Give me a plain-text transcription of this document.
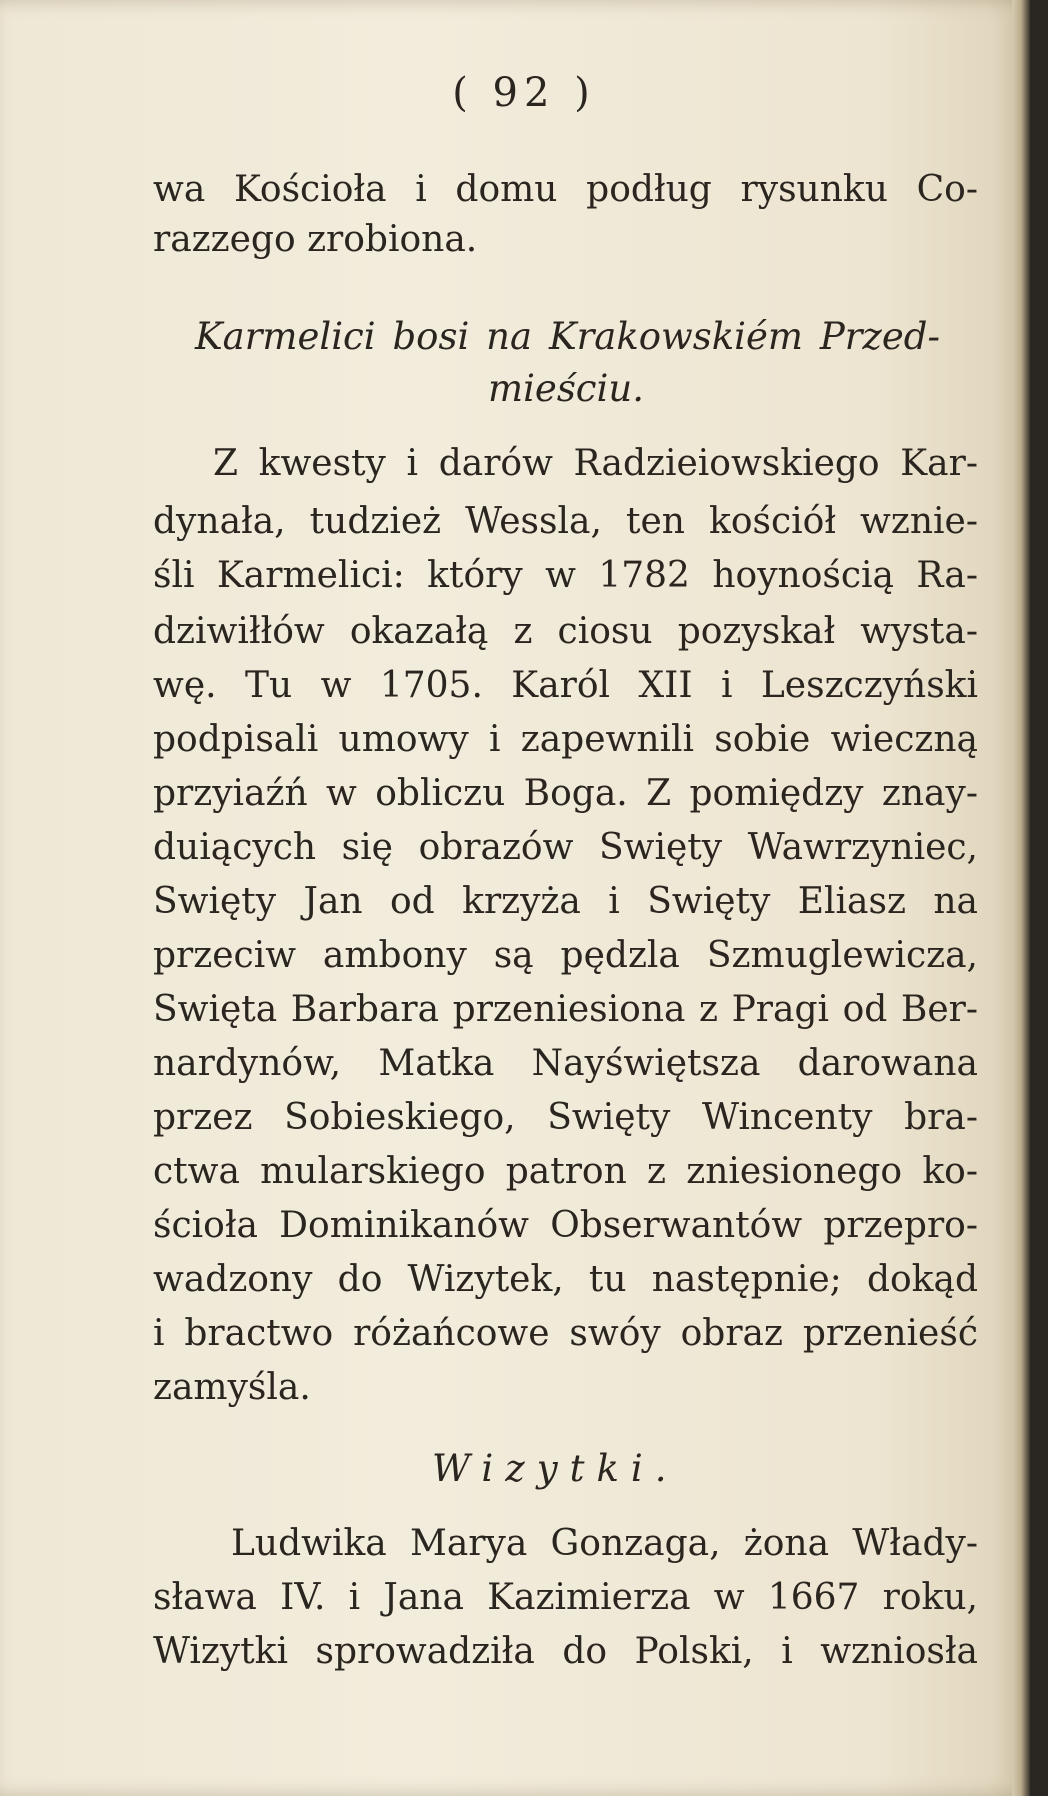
( 92 )
wa Kościoła i domu podług rysunku Co-
razzego zrobiona.
Karmelici bosi na Krakowskiém Przed-
mieściu.
Z kwesty i darów Radzieiowskiego Kar-
dynała, tudzież Wessla, ten kościół wznie-
śli Karmelici: który w 1782 hoynością Ra-
dziwiłłów okazałą z ciosu pozyskał wysta-
wę. Tu w 1705. Karól XII i Leszczyński
podpisali umowy i zapewnili sobie wieczną
przyiaźń w obliczu Boga. Z pomiędzy znay-
duiących się obrazów Swięty Wawrzyniec,
Swięty Jan od krzyża i Swięty Eliasz na
przeciw ambony są pędzla Szmuglewicza,
Swięta Barbara przeniesiona z Pragi od Ber-
nardynów, Matka Nayświętsza darowana
przez Sobieskiego, Swięty Wincenty bra-
ctwa mularskiego patron z zniesionego ko-
ścioła Dominikanów Obserwantów przepro-
wadzony do Wizytek, tu następnie; dokąd
i bractwo różańcowe swóy obraz przenieść
zamyśla.
Wizytki.
Ludwika Marya Gonzaga, żona Włady-
sława IV. i Jana Kazimierza w 1667 roku,
Wizytki sprowadziła do Polski, i wzniosła
